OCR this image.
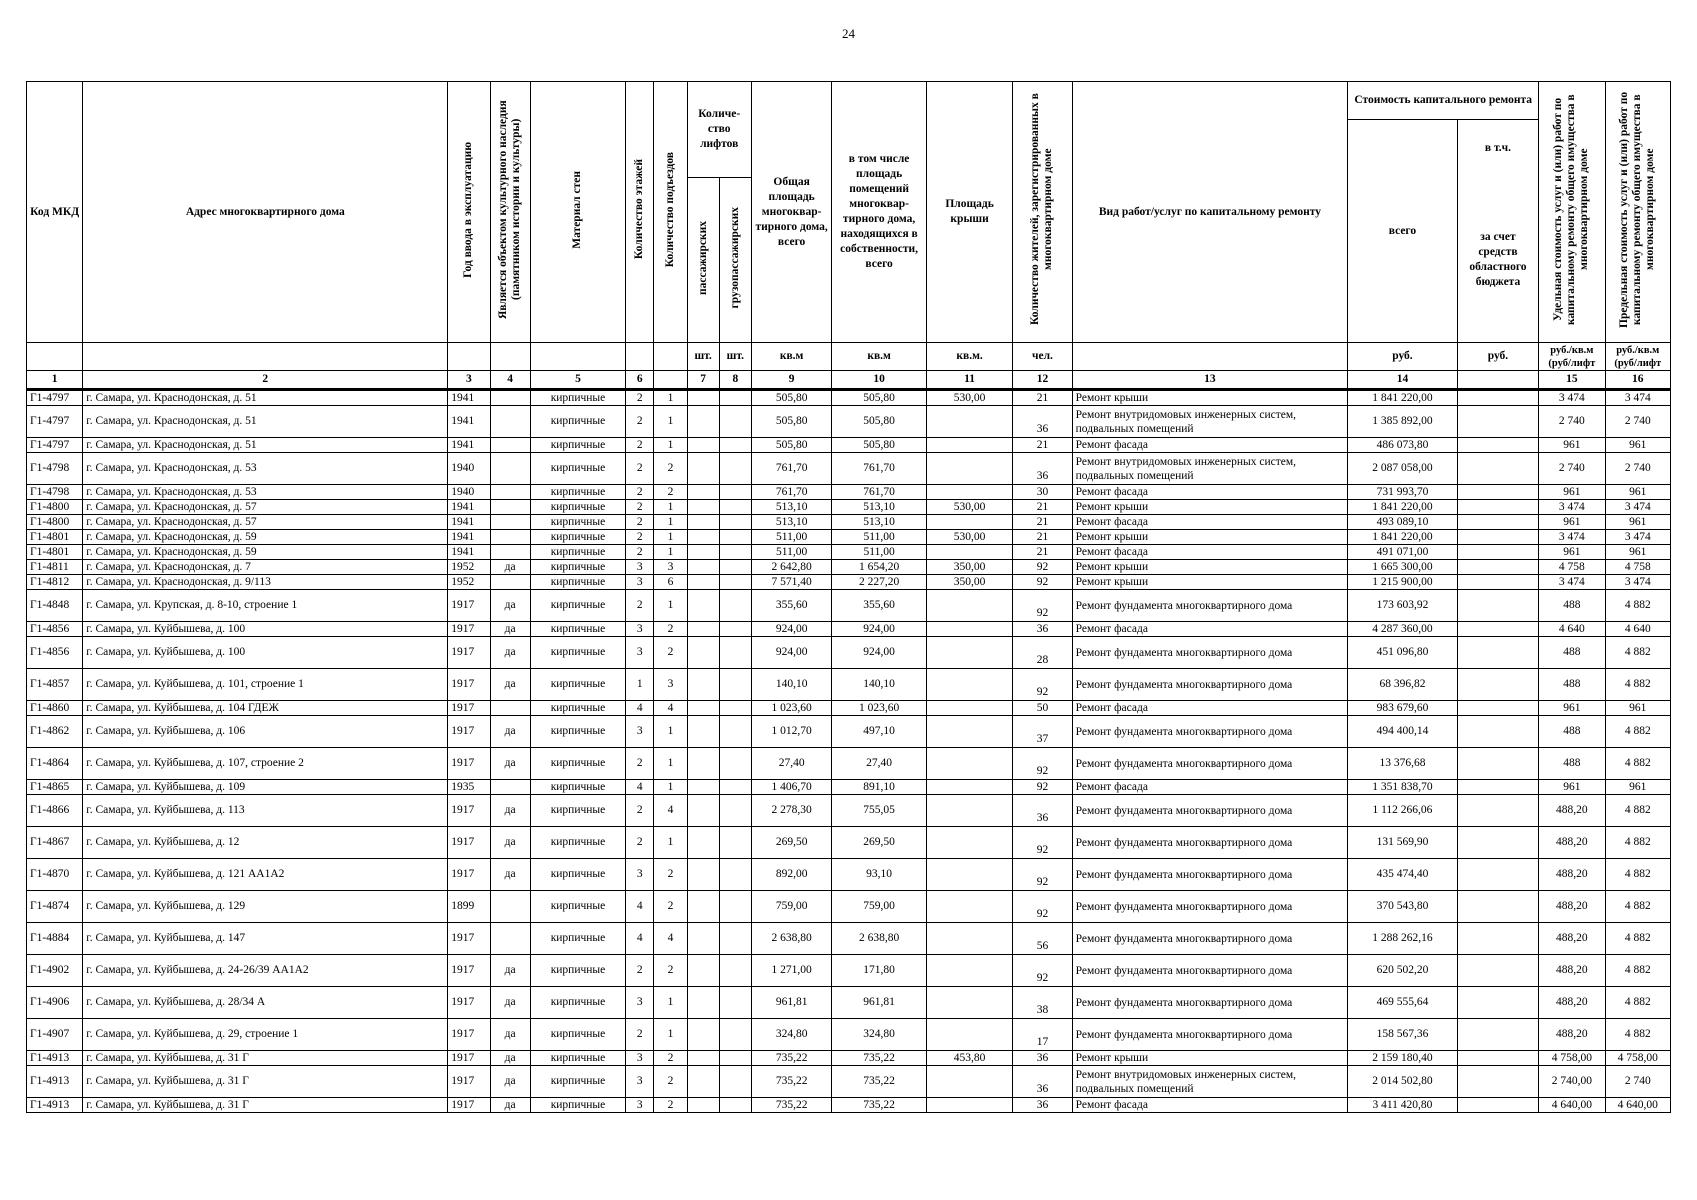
24
Код МКД	Адрес многоквартирного дома	Год ввода в эксплуатацию	Является объектом культурного наследия (памятником истории и культуры)	Материал стен	Количество этажей	Количество подъездов	Количе- ство лифтов		Общая площадь многоквар- тирного дома, всего	в том числе площадь помещений многоквар- тирного дома, находящихся в собственности, всего	Площадь крыши	Количество жителей, зарегистрированных в многоквартирном доме	Вид работ/услуг по капитальному ремонту	Стоимость капитального ремонта		Удельная стоимость услуг и (или) работ по капитальному ремонту общего имущества в многоквартирном доме	Предельная стоимость услуг и (или) работ по капитальному ремонту общего имущества в многоквартирном доме
														всего	в т.ч.		
							пассажирских	грузопассажирских							за счет средств областного бюджета		
							шт.	шт.	кв.м	кв.м	кв.м.	чел.		руб.	руб.	руб./кв.м (руб/лифт	руб./кв.м (руб/лифт
1	2	3	4	5	6		7	8	9	10	11	12	13	14		15	16
Г1-4797	г. Самара, ул. Краснодонская, д. 51	1941		кирпичные	2	1			505,80	505,80	530,00	21	Ремонт крыши	1 841 220,00		3 474	3 474
Г1-4797	г. Самара, ул. Краснодонская, д. 51	1941		кирпичные	2	1			505,80	505,80		36	Ремонт внутридомовых инженерных систем, подвальных помещений	1 385 892,00		2 740	2 740
Г1-4797	г. Самара, ул. Краснодонская, д. 51	1941		кирпичные	2	1			505,80	505,80		21	Ремонт фасада	486 073,80		961	961
Г1-4798	г. Самара, ул. Краснодонская, д. 53	1940		кирпичные	2	2			761,70	761,70		36	Ремонт внутридомовых инженерных систем, подвальных помещений	2 087 058,00		2 740	2 740
Г1-4798	г. Самара, ул. Краснодонская, д. 53	1940		кирпичные	2	2			761,70	761,70		30	Ремонт фасада	731 993,70		961	961
Г1-4800	г. Самара, ул. Краснодонская, д. 57	1941		кирпичные	2	1			513,10	513,10	530,00	21	Ремонт крыши	1 841 220,00		3 474	3 474
Г1-4800	г. Самара, ул. Краснодонская, д. 57	1941		кирпичные	2	1			513,10	513,10		21	Ремонт фасада	493 089,10		961	961
Г1-4801	г. Самара, ул. Краснодонская, д. 59	1941		кирпичные	2	1			511,00	511,00	530,00	21	Ремонт крыши	1 841 220,00		3 474	3 474
Г1-4801	г. Самара, ул. Краснодонская, д. 59	1941		кирпичные	2	1			511,00	511,00		21	Ремонт фасада	491 071,00		961	961
Г1-4811	г. Самара, ул. Краснодонская, д. 7	1952	да	кирпичные	3	3			2 642,80	1 654,20	350,00	92	Ремонт крыши	1 665 300,00		4 758	4 758
Г1-4812	г. Самара, ул. Краснодонская, д. 9/113	1952		кирпичные	3	6			7 571,40	2 227,20	350,00	92	Ремонт крыши	1 215 900,00		3 474	3 474
Г1-4848	г. Самара, ул. Крупская, д. 8-10, строение 1	1917	да	кирпичные	2	1			355,60	355,60		92	Ремонт фундамента многоквартирного дома	173 603,92		488	4 882
Г1-4856	г. Самара, ул. Куйбышева, д. 100	1917	да	кирпичные	3	2			924,00	924,00		36	Ремонт фасада	4 287 360,00		4 640	4 640
Г1-4856	г. Самара, ул. Куйбышева, д. 100	1917	да	кирпичные	3	2			924,00	924,00		28	Ремонт фундамента многоквартирного дома	451 096,80		488	4 882
Г1-4857	г. Самара, ул. Куйбышева, д. 101, строение 1	1917	да	кирпичные	1	3			140,10	140,10		92	Ремонт фундамента многоквартирного дома	68 396,82		488	4 882
Г1-4860	г. Самара, ул. Куйбышева, д. 104 ГДЕЖ	1917		кирпичные	4	4			1 023,60	1 023,60		50	Ремонт фасада	983 679,60		961	961
Г1-4862	г. Самара, ул. Куйбышева, д. 106	1917	да	кирпичные	3	1			1 012,70	497,10		37	Ремонт фундамента многоквартирного дома	494 400,14		488	4 882
Г1-4864	г. Самара, ул. Куйбышева, д. 107, строение 2	1917	да	кирпичные	2	1			27,40	27,40		92	Ремонт фундамента многоквартирного дома	13 376,68		488	4 882
Г1-4865	г. Самара, ул. Куйбышева, д. 109	1935		кирпичные	4	1			1 406,70	891,10		92	Ремонт фасада	1 351 838,70		961	961
Г1-4866	г. Самара, ул. Куйбышева, д. 113	1917	да	кирпичные	2	4			2 278,30	755,05		36	Ремонт фундамента многоквартирного дома	1 112 266,06		488,20	4 882
Г1-4867	г. Самара, ул. Куйбышева, д. 12	1917	да	кирпичные	2	1			269,50	269,50		92	Ремонт фундамента многоквартирного дома	131 569,90		488,20	4 882
Г1-4870	г. Самара, ул. Куйбышева, д. 121 АА1А2	1917	да	кирпичные	3	2			892,00	93,10		92	Ремонт фундамента многоквартирного дома	435 474,40		488,20	4 882
Г1-4874	г. Самара, ул. Куйбышева, д. 129	1899		кирпичные	4	2			759,00	759,00		92	Ремонт фундамента многоквартирного дома	370 543,80		488,20	4 882
Г1-4884	г. Самара, ул. Куйбышева, д. 147	1917		кирпичные	4	4			2 638,80	2 638,80		56	Ремонт фундамента многоквартирного дома	1 288 262,16		488,20	4 882
Г1-4902	г. Самара, ул. Куйбышева, д. 24-26/39 АА1А2	1917	да	кирпичные	2	2			1 271,00	171,80		92	Ремонт фундамента многоквартирного дома	620 502,20		488,20	4 882
Г1-4906	г. Самара, ул. Куйбышева, д. 28/34 А	1917	да	кирпичные	3	1			961,81	961,81		38	Ремонт фундамента многоквартирного дома	469 555,64		488,20	4 882
Г1-4907	г. Самара, ул. Куйбышева, д. 29, строение 1	1917	да	кирпичные	2	1			324,80	324,80		17	Ремонт фундамента многоквартирного дома	158 567,36		488,20	4 882
Г1-4913	г. Самара, ул. Куйбышева, д. 31 Г	1917	да	кирпичные	3	2			735,22	735,22	453,80	36	Ремонт крыши	2 159 180,40		4 758,00	4 758,00
Г1-4913	г. Самара, ул. Куйбышева, д. 31 Г	1917	да	кирпичные	3	2			735,22	735,22		36	Ремонт внутридомовых инженерных систем, подвальных помещений	2 014 502,80		2 740,00	2 740
Г1-4913	г. Самара, ул. Куйбышева, д. 31 Г	1917	да	кирпичные	3	2			735,22	735,22		36	Ремонт фасада	3 411 420,80		4 640,00	4 640,00
